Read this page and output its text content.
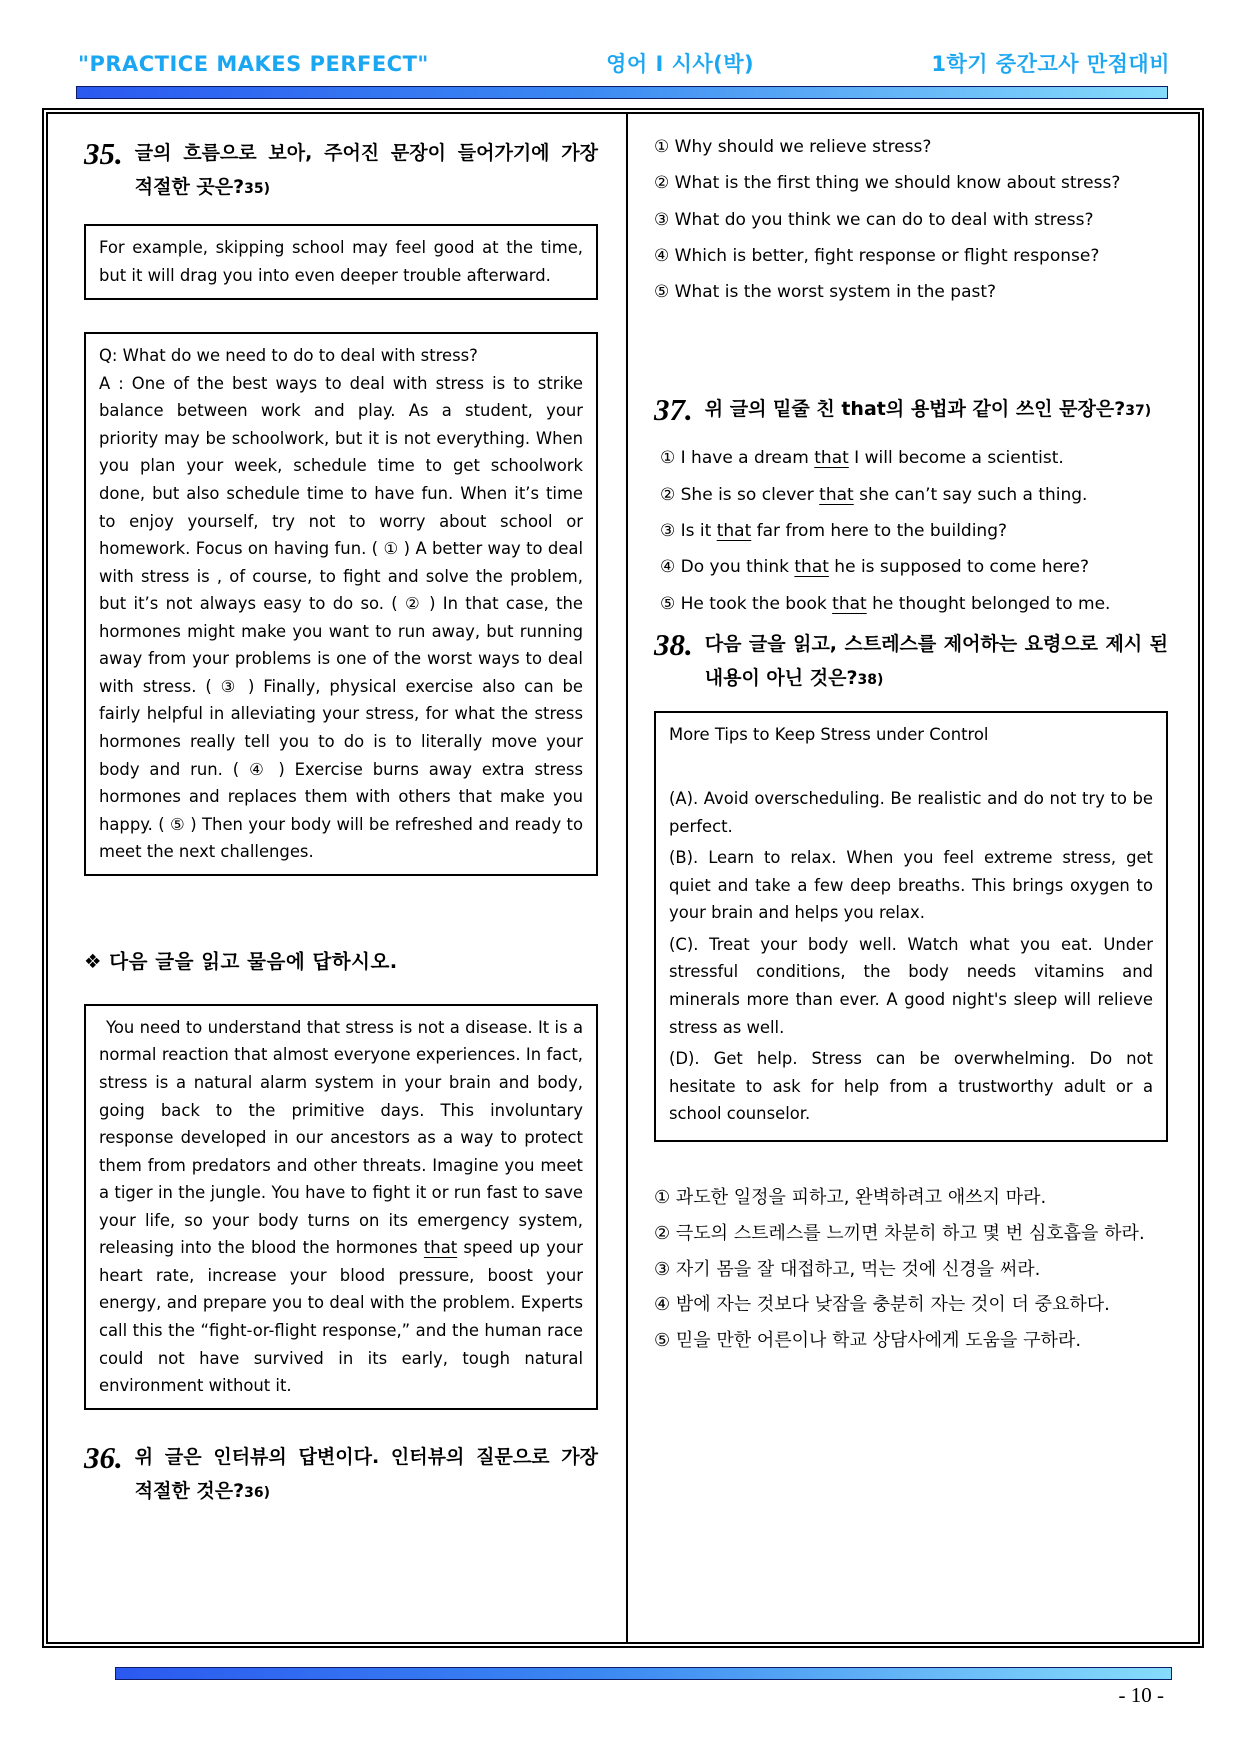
"PRACTICE MAKES PERFECT"	영어 I 시사(박)	1학기 중간고사 만점대비
35. 글의 흐름으로 보아, 주어진 문장이 들어가기에 가장 적절한 곳은?35)

For example, skipping school may feel good at the time, but it will drag you into even deeper trouble afterward.

Q: What do we need to do to deal with stress?

A : One of the best ways to deal with stress is to strike balance between work and play. As a student, your priority may be schoolwork, but it is not everything. When you plan your week, schedule time to get schoolwork done, but also schedule time to have fun. When it’s time to enjoy yourself, try not to worry about school or homework. Focus on having fun. ( ① ) A better way to deal with stress is , of course, to fight and solve the problem, but it’s not always easy to do so. ( ② ) In that case, the hormones might make you want to run away, but running away from your problems is one of the worst ways to deal with stress. ( ③ ) Finally, physical exercise also can be fairly helpful in alleviating your stress, for what the stress hormones really tell you to do is to literally move your body and run. ( ④ ) Exercise burns away extra stress hormones and replaces them with others that make you happy. ( ⑤ ) Then your body will be refreshed and ready to meet the next challenges.

❖ 다음 글을 읽고 물음에 답하시오.

You need to understand that stress is not a disease. It is a normal reaction that almost everyone experiences. In fact, stress is a natural alarm system in your brain and body, going back to the primitive days. This involuntary response developed in our ancestors as a way to protect them from predators and other threats. Imagine you meet a tiger in the jungle. You have to fight it or run fast to save your life, so your body turns on its emergency system, releasing into the blood the hormones that speed up your heart rate, increase your blood pressure, boost your energy, and prepare you to deal with the problem. Experts call this the “fight-or-flight response,” and the human race could not have survived in its early, tough natural environment without it.

36. 위 글은 인터뷰의 답변이다. 인터뷰의 질문으로 가장 적절한 것은?36)
① Why should we relieve stress?
② What is the first thing we should know about stress?
③ What do you think we can do to deal with stress?
④ Which is better, fight response or flight response?
⑤ What is the worst system in the past?
37. 위 글의 밑줄 친 that의 용법과 같이 쓰인 문장은?37)
① I have a dream that I will become a scientist.
② She is so clever that she can’t say such a thing.
③ Is it that far from here to the building?
④ Do you think that he is supposed to come here?
⑤ He took the book that he thought belonged to me.
38. 다음 글을 읽고, 스트레스를 제어하는 요령으로 제시 된 내용이 아닌 것은?38)

More Tips to Keep Stress under Control

(A). Avoid overscheduling. Be realistic and do not try to be perfect.

(B). Learn to relax. When you feel extreme stress, get quiet and take a few deep breaths. This brings oxygen to your brain and helps you relax.

(C). Treat your body well. Watch what you eat. Under stressful conditions, the body needs vitamins and minerals more than ever. A good night's sleep will relieve stress as well.

(D). Get help. Stress can be overwhelming. Do not hesitate to ask for help from a trustworthy adult or a school counselor.

① 과도한 일정을 피하고, 완벽하려고 애쓰지 마라.
② 극도의 스트레스를 느끼면 차분히 하고 몇 번 심호흡을 하라.
③ 자기 몸을 잘 대접하고, 먹는 것에 신경을 써라.
④ 밤에 자는 것보다 낮잠을 충분히 자는 것이 더 중요하다.
⑤ 믿을 만한 어른이나 학교 상담사에게 도움을 구하라.
- 10 -
